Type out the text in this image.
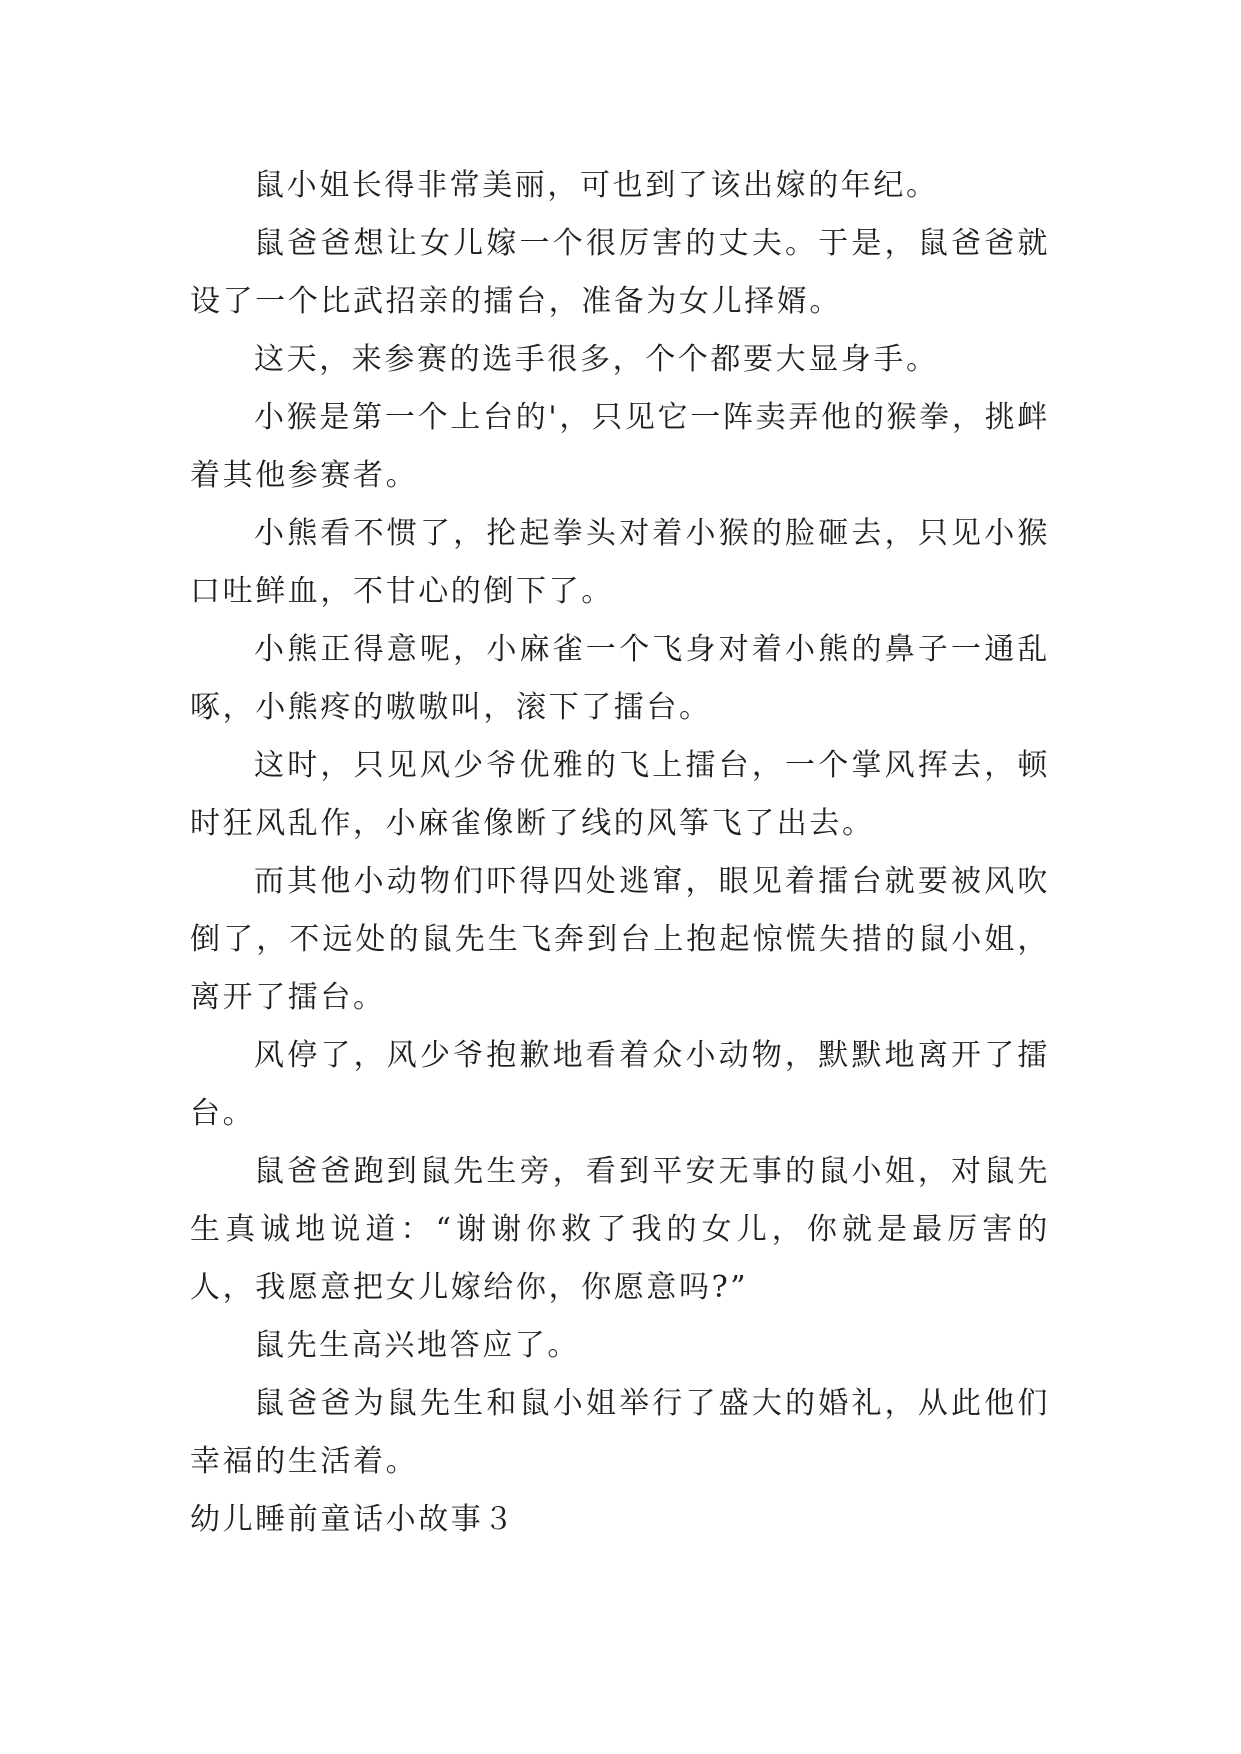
鼠小姐长得非常美丽，可也到了该出嫁的年纪。

鼠爸爸想让女儿嫁一个很厉害的丈夫。于是，鼠爸爸就设了一个比武招亲的擂台，准备为女儿择婿。

这天，来参赛的选手很多，个个都要大显身手。

小猴是第一个上台的'，只见它一阵卖弄他的猴拳，挑衅着其他参赛者。

小熊看不惯了，抡起拳头对着小猴的脸砸去，只见小猴口吐鲜血，不甘心的倒下了。

小熊正得意呢，小麻雀一个飞身对着小熊的鼻子一通乱啄，小熊疼的嗷嗷叫，滚下了擂台。

这时，只见风少爷优雅的飞上擂台，一个掌风挥去，顿时狂风乱作，小麻雀像断了线的风筝飞了出去。

而其他小动物们吓得四处逃窜，眼见着擂台就要被风吹倒了，不远处的鼠先生飞奔到台上抱起惊慌失措的鼠小姐，离开了擂台。

风停了，风少爷抱歉地看着众小动物，默默地离开了擂台。

鼠爸爸跑到鼠先生旁，看到平安无事的鼠小姐，对鼠先生真诚地说道：“谢谢你救了我的女儿，你就是最厉害的人，我愿意把女儿嫁给你，你愿意吗?”

鼠先生高兴地答应了。

鼠爸爸为鼠先生和鼠小姐举行了盛大的婚礼，从此他们幸福的生活着。

幼儿睡前童话小故事３
